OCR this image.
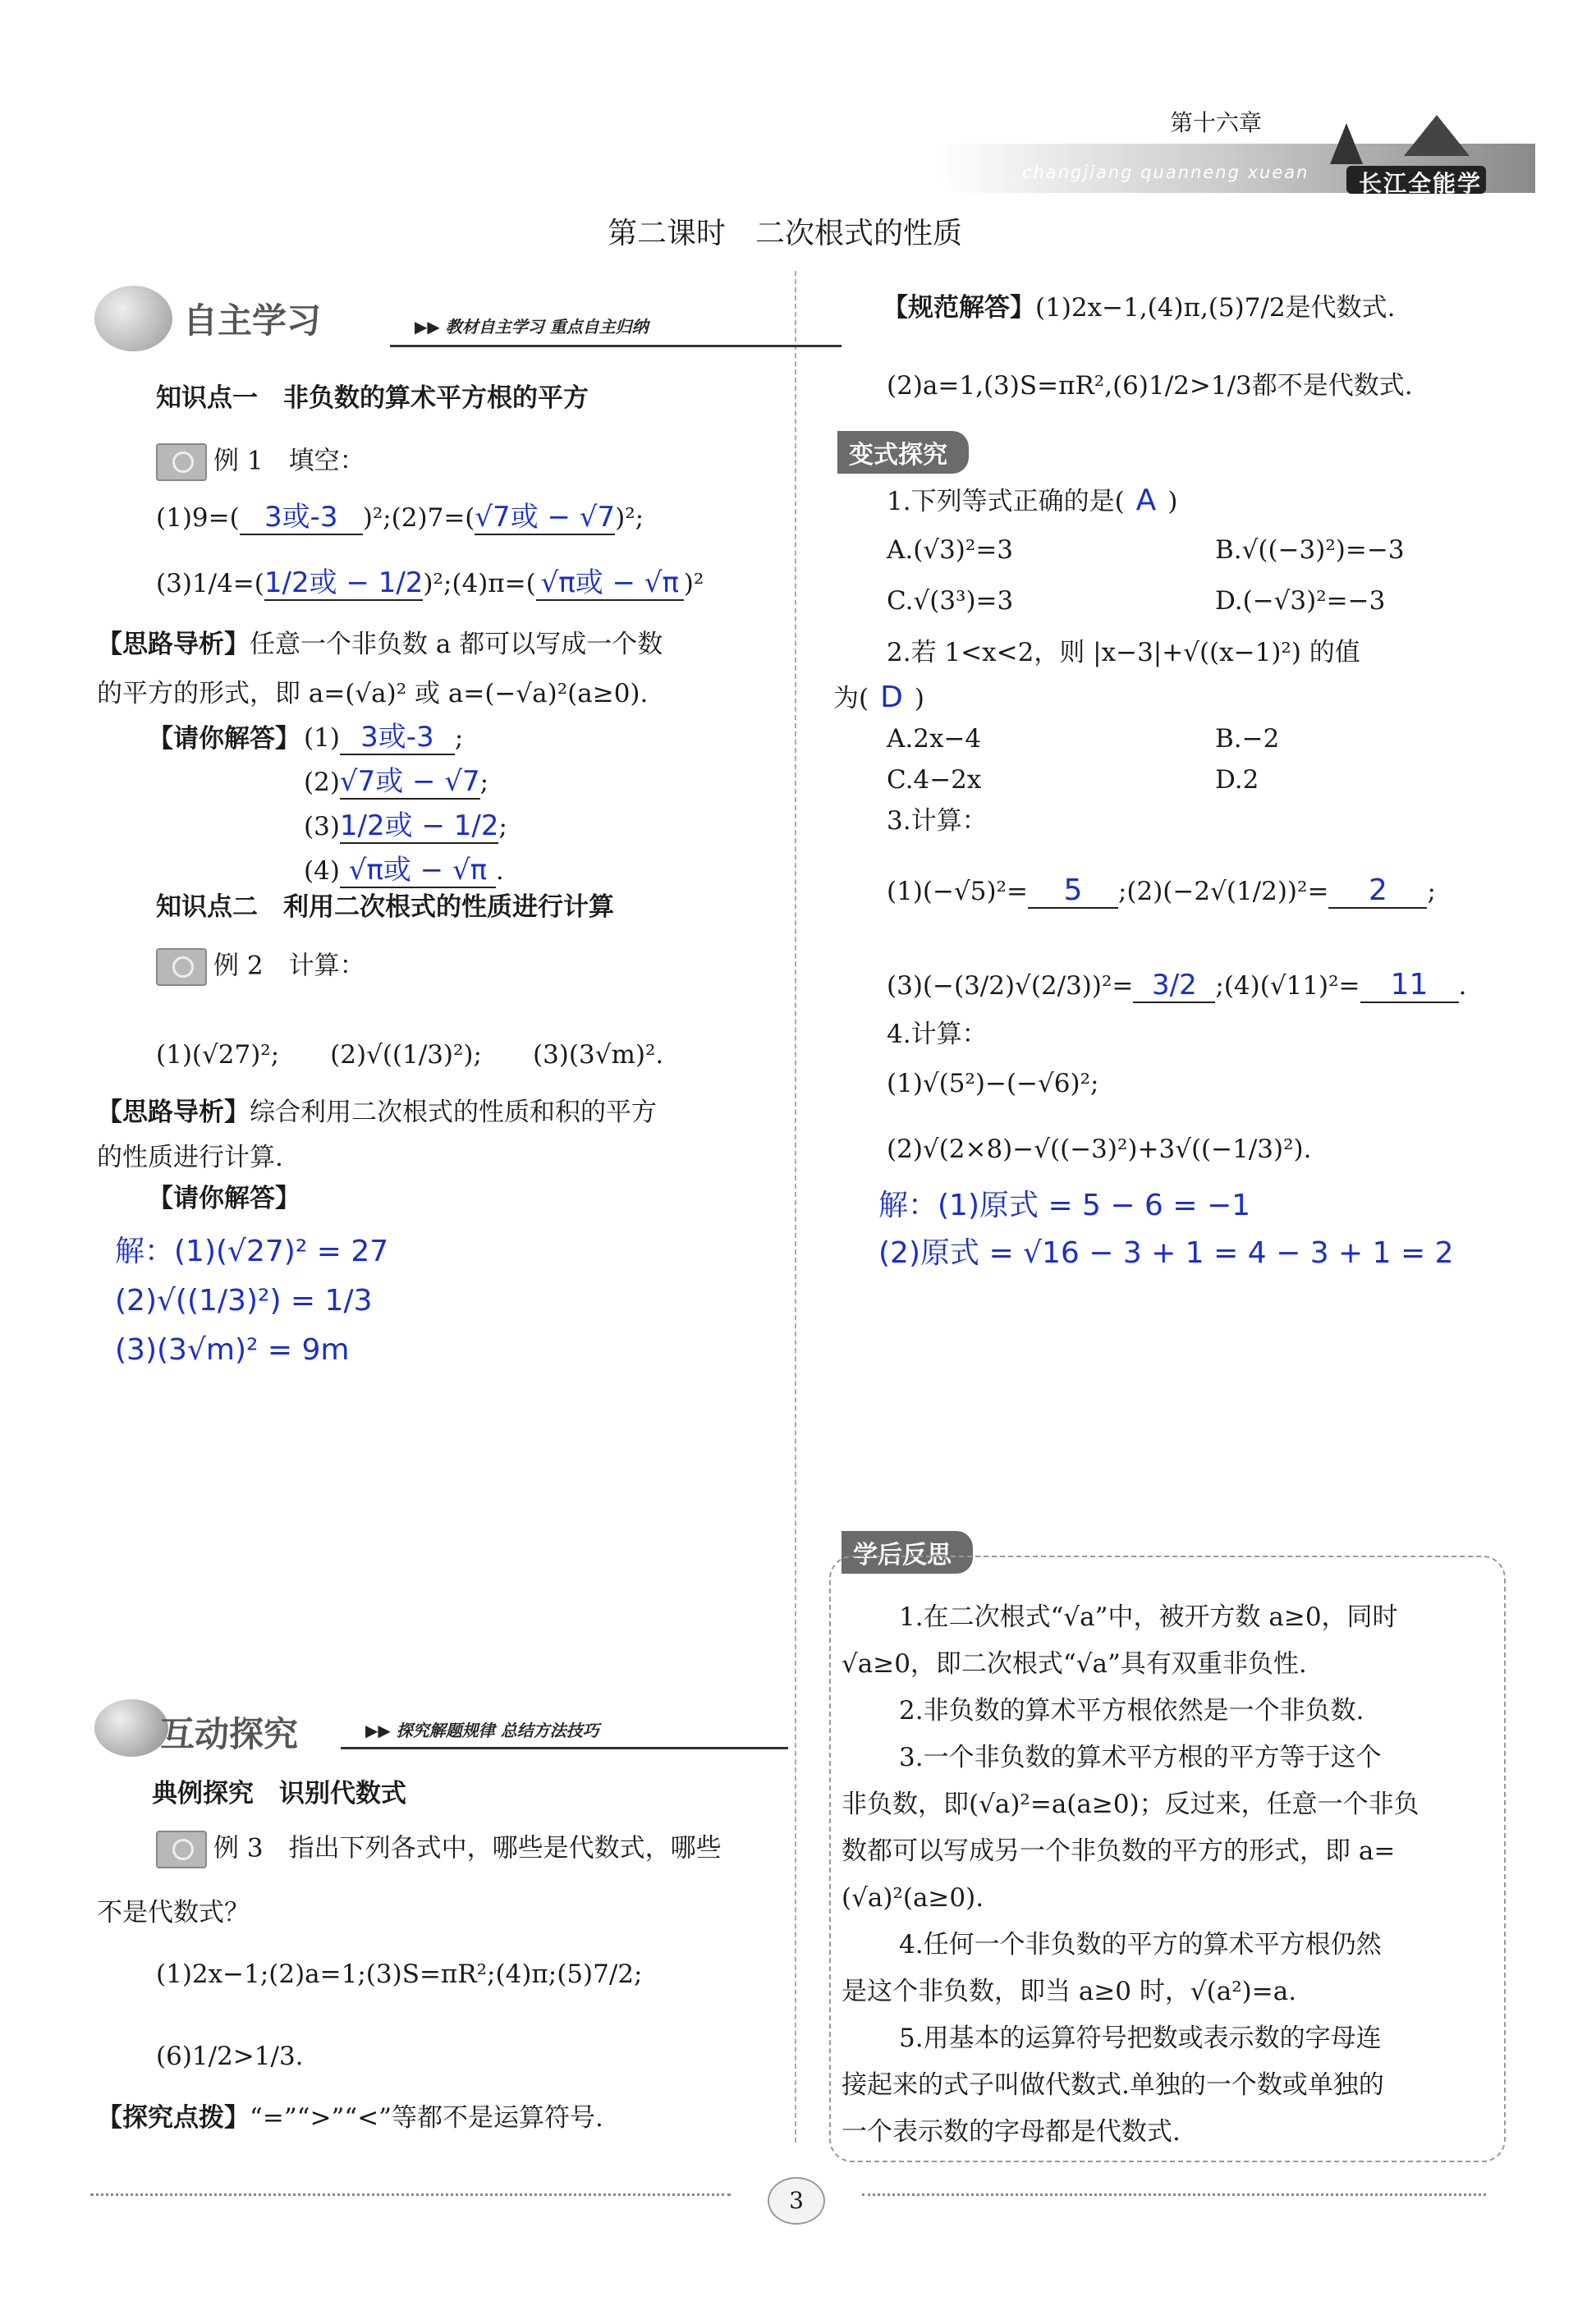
第十六章
changjiang quanneng xuean 长江全能学案
第二课时　二次根式的性质
自主学习	▶▶ 教材自主学习 重点自主归纳
知识点一　非负数的算术平方根的平方
例 1　 填空：
(1)9=( 3或-3 )²;(2)7=(√7或 − √7)²;
(3)1/4=(1/2或 − 1/2)²;(4)π=( √π或 − √π )²
【思路导析】任意一个非负数 a 都可以写成一个数
的平方的形式，即 a=(√a)² 或 a=(−√a)²(a≥0).
【请你解答】 (1) 3或-3 ;
(2)√7或 − √7;
(3)1/2或 − 1/2;
(4) √π或 − √π .
知识点二　利用二次根式的性质进行计算
例 2　 计算：
(1)(√27)²;　　(2)√((1/3)²);　　(3)(3√m)².
【思路导析】综合利用二次根式的性质和积的平方
的性质进行计算.
【请你解答】
解：(1)(√27)² = 27
(2)√((1/3)²) = 1/3
(3)(3√m)² = 9m
互动探究	▶▶ 探究解题规律 总结方法技巧
典例探究　识别代数式
例 3　 指出下列各式中，哪些是代数式，哪些
不是代数式？
(1)2x−1;(2)a=1;(3)S=πR²;(4)π;(5)7/2;
(6)1/2>1/3.
【探究点拨】“=”“>”“<”等都不是运算符号.
【规范解答】(1)2x−1,(4)π,(5)7/2是代数式.
(2)a=1,(3)S=πR²,(6)1/2>1/3都不是代数式.
变式探究
1.下列等式正确的是( A )
A.(√3)²=3	B.√((−3)²)=−3
C.√(3³)=3	D.(−√3)²=−3
2.若 1<x<2，则 |x−3|+√((x−1)²) 的值
为( D )
A.2x−4	B.−2
C.4−2x	D.2
3.计算：
(1)(−√5)²= 5 ;(2)(−2√(1/2))²= 2 ;
(3)(−(3/2)√(2/3))²= 3/2 ;(4)(√11)²= 11 .
4.计算：
(1)√(5²)−(−√6)²;
(2)√(2×8)−√((−3)²)+3√((−1/3)²).
解：(1)原式 = 5 − 6 = −1
(2)原式 = √16 − 3 + 1 = 4 − 3 + 1 = 2
学后反思
1.在二次根式“√a”中，被开方数 a≥0，同时
√a≥0，即二次根式“√a”具有双重非负性.
2.非负数的算术平方根依然是一个非负数.
3.一个非负数的算术平方根的平方等于这个
非负数，即(√a)²=a(a≥0)；反过来，任意一个非负
数都可以写成另一个非负数的平方的形式，即 a=
(√a)²(a≥0).
4.任何一个非负数的平方的算术平方根仍然
是这个非负数，即当 a≥0 时，√(a²)=a.
5.用基本的运算符号把数或表示数的字母连
接起来的式子叫做代数式.单独的一个数或单独的
一个表示数的字母都是代数式.
3
